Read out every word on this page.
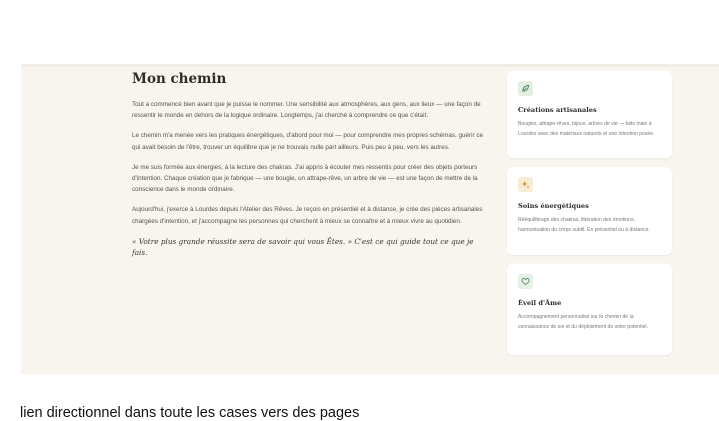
Mon chemin

Tout a commencé bien avant que je puisse le nommer. Une sensibilité aux atmosphères, aux gens, aux lieux — une façon de ressentir le monde en dehors de la logique ordinaire. Longtemps, j'ai cherché à comprendre ce que c'était.

Le chemin m'a menée vers les pratiques énergétiques, d'abord pour moi — pour comprendre mes propres schémas, guérir ce qui avait besoin de l'être, trouver un équilibre que je ne trouvais nulle part ailleurs. Puis peu à peu, vers les autres.

Je me suis formée aux énergies, à la lecture des chakras. J'ai appris à écouter mes ressentis pour créer des objets porteurs d'intention. Chaque création que je fabrique — une bougie, un attrape-rêve, un arbre de vie — est une façon de mettre de la conscience dans le monde ordinaire.

Aujourd'hui, j'exerce à Lourdes depuis l'Atelier des Rêves. Je reçois en présentiel et à distance, je crée des pièces artisanales chargées d'intention, et j'accompagne les personnes qui cherchent à mieux se connaître et à mieux vivre au quotidien.

« Votre plus grande réussite sera de savoir qui vous Êtes. » C'est ce qui guide tout ce que je fais.

Créations artisanales

Bougies, attrape-rêves, bijoux, arbres de vie — faits main à Lourdes avec des matériaux naturels et une intention posée.

Soins énergétiques

Rééquilibrage des chakras, libération des émotions, harmonisation du corps subtil. En présentiel ou à distance.

Éveil d'Âme

Accompagnement personnalisé sur le chemin de la connaissance de soi et du déploiement de votre potentiel.

lien directionnel dans toute les cases vers des pages
